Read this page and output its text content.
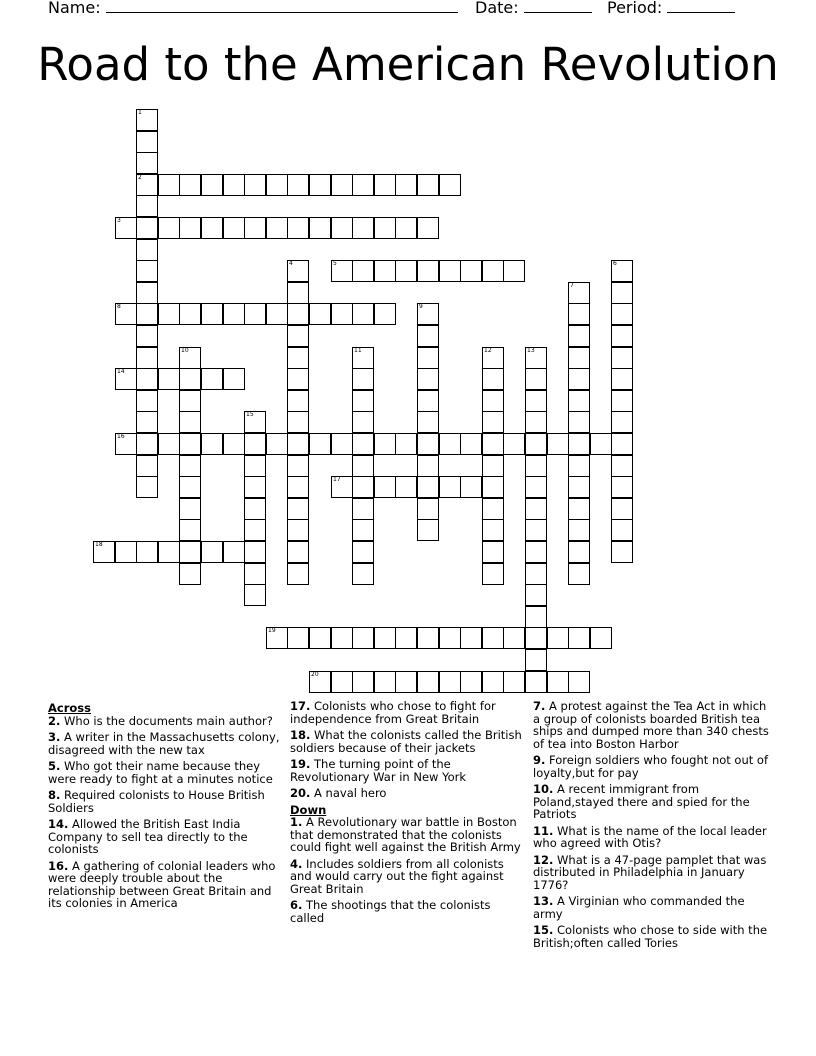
Name:	Date:	Period:
Road to the American Revolution
1
2
3
4	5	6
7
8	9
10	11	12	13
14
15
16
17
18
19
20
Across
2. Who is the documents main author?
3. A writer in the Massachusetts colony, disagreed with the new tax
5. Who got their name because they were ready to fight at a minutes notice
8. Required colonists to House British Soldiers
14. Allowed the British East India Company to sell tea directly to the colonists
16. A gathering of colonial leaders who were deeply trouble about the relationship between Great Britain and its colonies in America
17. Colonists who chose to fight for independence from Great Britain
18. What the colonists called the British soldiers because of their jackets
19. The turning point of the Revolutionary War in New York
20. A naval hero
Down
1. A Revolutionary war battle in Boston that demonstrated that the colonists could fight well against the British Army
4. Includes soldiers from all colonists and would carry out the fight against Great Britain
6. The shootings that the colonists called
7. A protest against the Tea Act in which a group of colonists boarded British tea ships and dumped more than 340 chests of tea into Boston Harbor
9. Foreign soldiers who fought not out of loyalty,but for pay
10. A recent immigrant from Poland,stayed there and spied for the Patriots
11. What is the name of the local leader who agreed with Otis?
12. What is a 47-page pamplet that was distributed in Philadelphia in January 1776?
13. A Virginian who commanded the army
15. Colonists who chose to side with the British;often called Tories
